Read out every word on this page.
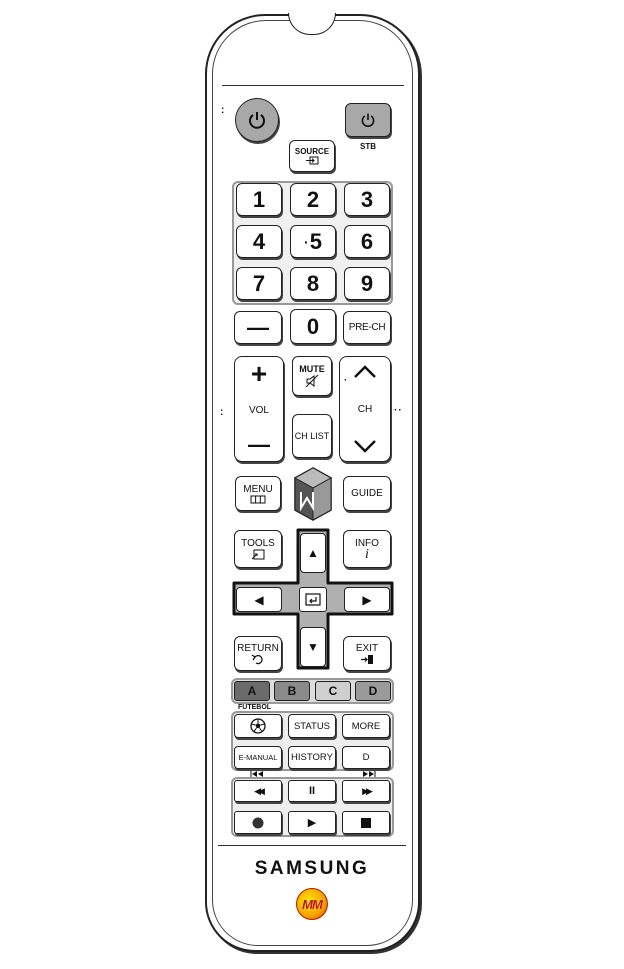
:
STB
SOURCE
1	2	3
4	· 5	6
7	8	9
—	0	PRE-CH
:
+
VOL
—
MUTE
CH LIST
CH
·
··
MENU	GUIDE
TOOLS	INFO
i
▲
▼
◀	▶
RETURN	EXIT
A	B	C	D
FUTEBOL
STATUS	MORE
E-MANUAL	HISTORY	D
◀◀	II	▶▶
▶
SAMSUNG
MM
